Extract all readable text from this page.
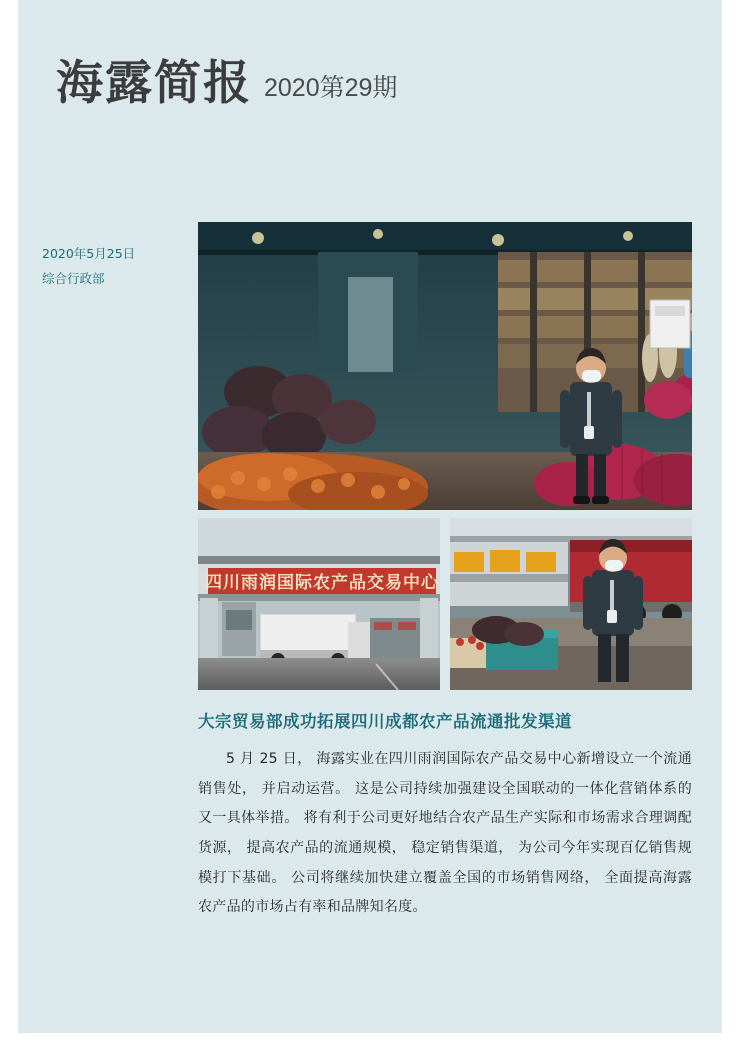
海露简报 2020第29期
2020年5月25日
综合行政部
四川雨润国际农产品交易中心
大宗贸易部成功拓展四川成都农产品流通批发渠道
5 月 25 日， 海露实业在四川雨润国际农产品交易中心新增设立一个流通销售处， 并启动运营。 这是公司持续加强建设全国联动的一体化营销体系的又一具体举措。 将有利于公司更好地结合农产品生产实际和市场需求合理调配货源， 提高农产品的流通规模， 稳定销售渠道， 为公司今年实现百亿销售规模打下基础。 公司将继续加快建立覆盖全国的市场销售网络， 全面提高海露农产品的市场占有率和品牌知名度。
